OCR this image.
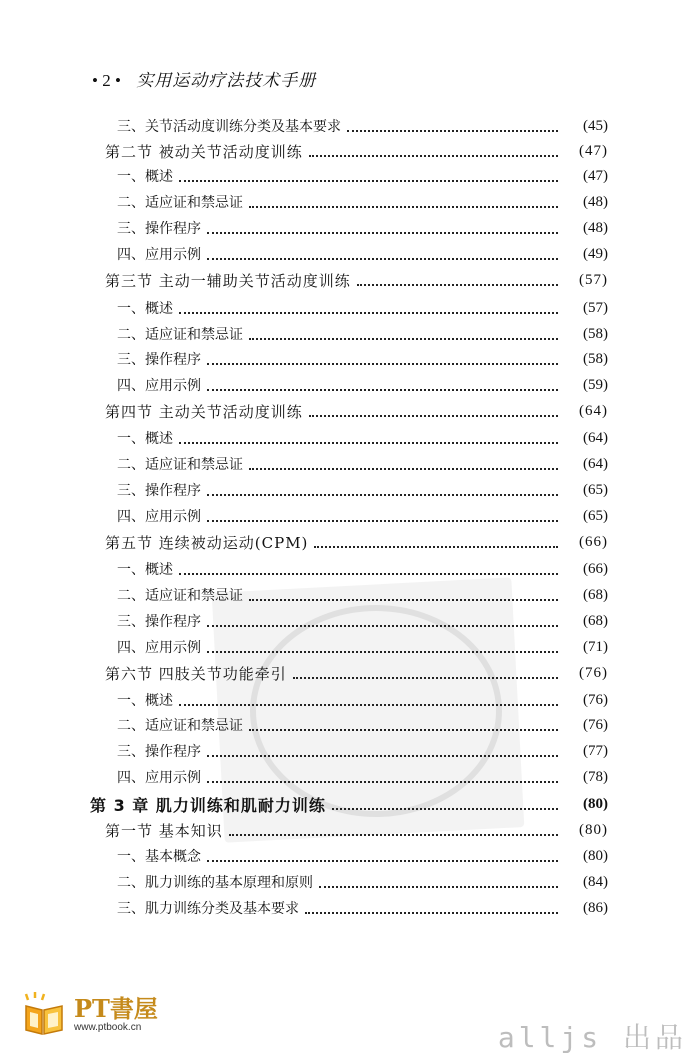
• 2 • 实用运动疗法技术手册
三、关节活动度训练分类及基本要求	(45)
第二节 被动关节活动度训练	(47)
一、概述	(47)
二、适应证和禁忌证	(48)
三、操作程序	(48)
四、应用示例	(49)
第三节 主动一辅助关节活动度训练	(57)
一、概述	(57)
二、适应证和禁忌证	(58)
三、操作程序	(58)
四、应用示例	(59)
第四节 主动关节活动度训练	(64)
一、概述	(64)
二、适应证和禁忌证	(64)
三、操作程序	(65)
四、应用示例	(65)
第五节 连续被动运动(CPM)	(66)
一、概述	(66)
二、适应证和禁忌证	(68)
三、操作程序	(68)
四、应用示例	(71)
第六节 四肢关节功能牵引	(76)
一、概述	(76)
二、适应证和禁忌证	(76)
三、操作程序	(77)
四、应用示例	(78)
第 3 章 肌力训练和肌耐力训练	(80)
第一节 基本知识	(80)
一、基本概念	(80)
二、肌力训练的基本原理和原则	(84)
三、肌力训练分类及基本要求	(86)
PT書屋
www.ptbook.cn	alljs 出品
